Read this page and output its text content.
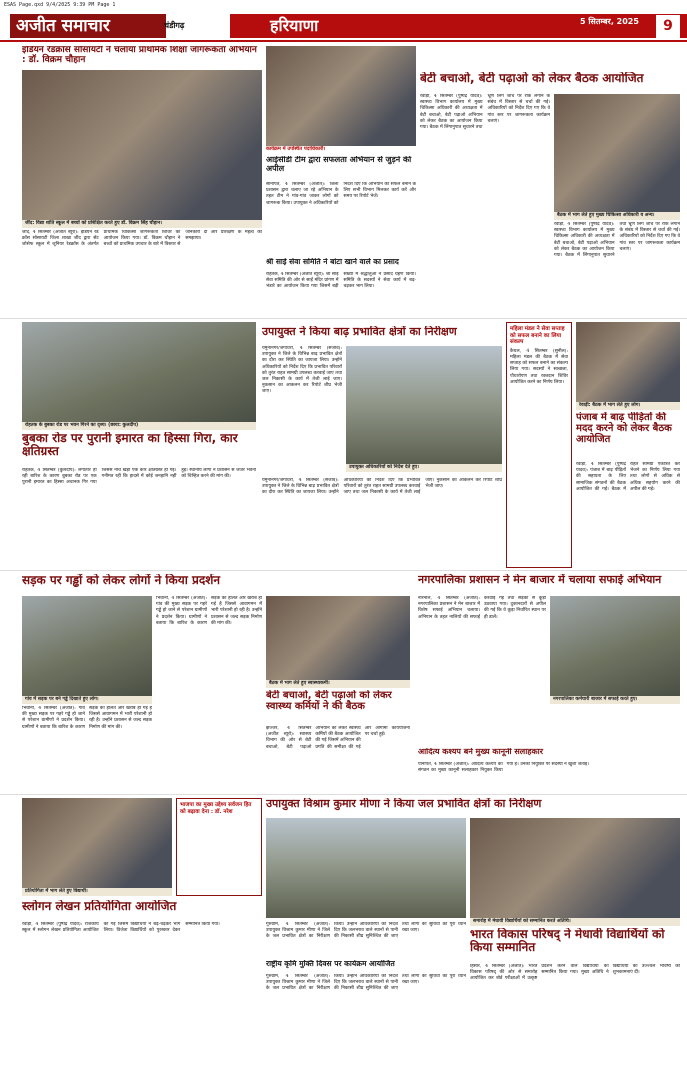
ESAS Page.qxd 9/4/2025 9:39 PM Page 1
अजीत समाचार	चंडीगढ़	हरियाणा	5 सितम्बर, 2025	9
इंडियन रेडक्रॉस सोसायटी ने चलाया प्राथमिक शिक्षा जागरूकता अभियान : डॉ. विक्रम चौहान
जींद: विद्या शांति स्कूल में बच्चों को प्रशिक्षित करते हुए डॉ. विक्रम सिंह चौहान।
जींद, 4 सितम्बर (अजीत ब्यूरो): इंडियन रेड क्रॉस सोसायटी जिला शाखा जींद द्वारा सेंट जोसेफ स्कूल में जूनियर रेडक्रॉस के अंतर्गत प्राथमिक चिकित्सा जागरूकता शिविर का आयोजन किया गया। डॉ. विक्रम चौहान ने बच्चों को प्राथमिक उपचार के बारे में विस्तार से जानकारी दी और प्रशिक्षण के महत्व को समझाया।
कार्यक्रम में उपस्थित पदाधिकारी।
आईसीडी टीम द्वारा सफलता अभियान से जुड़ने की अपील
सोनीपत, 4 सितम्बर (अजीत): जिला प्रशासन द्वारा चलाए जा रहे अभियान के तहत टीम ने गांव-गांव जाकर लोगों को जागरूक किया। उपायुक्त ने अधिकारियों को निर्देश दिए कि अभियान को सफल बनाने के लिए सभी विभाग मिलकर कार्य करें और समय पर रिपोर्ट भेजें।
श्री साई सेवा समिति ने बांटा खाने वाले का प्रसाद
रोहतक, 4 सितम्बर (अजीत ब्यूरो): श्री साई सेवा समिति की ओर से साईं मंदिर प्रांगण में भंडारे का आयोजन किया गया जिसमें बड़ी संख्या में श्रद्धालुओं ने प्रसाद ग्रहण किया। समिति के सदस्यों ने सेवा कार्य में बढ़-चढ़कर भाग लिया।
बेटी बचाओ, बेटी पढ़ाओ को लेकर बैठक आयोजित
रेवाड़ी, 4 सितम्बर (पुष्पेंद्र यादव): स्वास्थ्य विभाग कार्यालय में मुख्य चिकित्सा अधिकारी की अध्यक्षता में बेटी बचाओ, बेटी पढ़ाओ अभियान को लेकर बैठक का आयोजन किया गया। बैठक में लिंगानुपात सुधारने तथा भ्रूण लिंग जांच पर रोक लगाने के संबंध में विस्तार से चर्चा की गई। अधिकारियों को निर्देश दिए गए कि वे गांव स्तर पर जागरूकता कार्यक्रम चलाएं।
बैठक में भाग लेते हुए मुख्य चिकित्सा अधिकारी व अन्य।
रेवाड़ी, 4 सितम्बर (पुष्पेंद्र यादव): स्वास्थ्य विभाग कार्यालय में मुख्य चिकित्सा अधिकारी की अध्यक्षता में बेटी बचाओ, बेटी पढ़ाओ अभियान को लेकर बैठक का आयोजन किया गया। बैठक में लिंगानुपात सुधारने तथा भ्रूण लिंग जांच पर रोक लगाने के संबंध में विस्तार से चर्चा की गई। अधिकारियों को निर्देश दिए गए कि वे गांव स्तर पर जागरूकता कार्यक्रम चलाएं।
रोहतक के बुबका रोड पर भवन गिरने का दृश्य। (छाया: कुलदीप)
बुबका रोड पर पुरानी इमारत का हिस्सा गिरा, कार क्षतिग्रस्त
रोहतक, 4 सितम्बर (कुलदीप): लगातार हो रही बारिश के कारण बुबका रोड पर एक पुरानी इमारत का हिस्सा अचानक गिर गया जिससे नीचे खड़ी एक कार क्षतिग्रस्त हो गई। गनीमत रही कि हादसे में कोई जनहानि नहीं हुई। स्थानीय लोगों ने प्रशासन से जर्जर भवनों को चिन्हित करने की मांग की।
उपायुक्त ने किया बाढ़ प्रभावित क्षेत्रों का निरीक्षण
यमुनानगर/जगाधरी, 4 सितम्बर (संजीव): उपायुक्त ने जिले के विभिन्न बाढ़ प्रभावित क्षेत्रों का दौरा कर स्थिति का जायजा लिया। उन्होंने अधिकारियों को निर्देश दिए कि प्रभावित परिवारों को तुरंत राहत सामग्री उपलब्ध करवाई जाए तथा जल निकासी के कार्य में तेजी लाई जाए। नुकसान का आकलन कर रिपोर्ट शीघ्र भेजी जाए।
उपायुक्त अधिकारियों को निर्देश देते हुए।
यमुनानगर/जगाधरी, 4 सितम्बर (संजीव): उपायुक्त ने जिले के विभिन्न बाढ़ प्रभावित क्षेत्रों का दौरा कर स्थिति का जायजा लिया। उन्होंने अधिकारियों को निर्देश दिए कि प्रभावित परिवारों को तुरंत राहत सामग्री उपलब्ध करवाई जाए तथा जल निकासी के कार्य में तेजी लाई जाए। नुकसान का आकलन कर रिपोर्ट शीघ्र भेजी जाए।
महिला मंडल ने सेवा सप्ताह को सफल बनाने का लिया संकल्प
कैथल, 4 सितम्बर (सुनील): महिला मंडल की बैठक में सेवा सप्ताह को सफल बनाने का संकल्प लिया गया। सदस्यों ने स्वच्छता, पौधारोपण तथा रक्तदान शिविर आयोजित करने का निर्णय लिया।
रेवाड़ी: बैठक में भाग लेते हुए लोग।
पंजाब में बाढ़ पीड़ितों की मदद करने को लेकर बैठक आयोजित
रेवाड़ी, 4 सितम्बर (पुष्पेंद्र यादव): पंजाब में बाढ़ पीड़ितों की सहायता के लिए सामाजिक संगठनों की बैठक आयोजित की गई। बैठक में राहत सामग्री एकत्रित कर भेजने का निर्णय लिया गया तथा लोगों से अधिक से अधिक सहयोग करने की अपील की गई।
सड़क पर गड्ढों को लेकर लोगों ने किया प्रदर्शन
गांव में सड़क पर बने गड्ढे दिखाते हुए लोग।
भिवानी, 4 सितम्बर (अजीत): गांव की मुख्य सड़क पर गहरे गड्ढे हो जाने से परेशान ग्रामीणों ने प्रदर्शन किया। ग्रामीणों ने बताया कि बारिश के कारण सड़क की हालत और खराब हो गई है जिससे आवागमन में भारी परेशानी हो रही है। उन्होंने प्रशासन से जल्द सड़क निर्माण की मांग की।
भिवानी, 4 सितम्बर (अजीत): गांव की मुख्य सड़क पर गहरे गड्ढे हो जाने से परेशान ग्रामीणों ने प्रदर्शन किया। ग्रामीणों ने बताया कि बारिश के कारण सड़क की हालत और खराब हो गई है जिससे आवागमन में भारी परेशानी हो रही है। उन्होंने प्रशासन से जल्द सड़क निर्माण की मांग की।
बैठक में भाग लेते हुए स्वास्थ्यकर्मी।
बेटी बचाओ, बेटी पढ़ाओ को लेकर स्वास्थ्य कर्मियों ने की बैठक
झज्जर, 4 सितम्बर (अजीत ब्यूरो): स्वास्थ्य विभाग की ओर से बेटी बचाओ, बेटी पढ़ाओ अभियान को लेकर स्वास्थ्य कर्मियों की बैठक आयोजित की गई जिसमें अभियान की प्रगति की समीक्षा की गई और आगामी कार्ययोजना पर चर्चा हुई।
नगरपालिका प्रशासन ने मेन बाजार में चलाया सफाई अभियान
नारनौल, 4 सितम्बर (अजीत): नगरपालिका प्रशासन ने मेन बाजार में विशेष सफाई अभियान चलाया। अभियान के तहत नालियों की सफाई करवाई गई तथा सड़कों से कूड़ा उठवाया गया। दुकानदारों से अपील की गई कि वे कूड़ा निर्धारित स्थान पर ही डालें।
नगरपालिका कर्मचारी बाजार में सफाई करते हुए।
आदित्य कश्यप बने मुख्य कानूनी सलाहकार
पानीपत, 4 सितम्बर (अजीत): आदित्य कश्यप को संगठन का मुख्य कानूनी सलाहकार नियुक्त किया गया है। उनकी नियुक्ति पर सदस्यों ने खुशी जताई।
प्रतियोगिता में भाग लेते हुए विद्यार्थी।
स्लोगन लेखन प्रतियोगिता आयोजित
रेवाड़ी, 4 सितम्बर (पुष्पेंद्र यादव): राजकीय स्कूल में स्लोगन लेखन प्रतियोगिता आयोजित की गई जिसमें विद्यार्थियों ने बढ़-चढ़कर भाग लिया। विजेता विद्यार्थियों को पुरस्कार देकर सम्मानित किया गया।
भाजपा का मुख्य उद्देश्य सर्वजन हित को बढ़ावा देना : डॉ. नरेश
उपायुक्त विश्राम कुमार मीणा ने किया जल प्रभावित क्षेत्रों का निरीक्षण
राष्ट्रीय कृमि मुक्ति दिवस पर कार्यक्रम आयोजित
गुरुग्राम, 4 सितम्बर (अजीत): उपायुक्त विश्राम कुमार मीणा ने जिले के जल प्रभावित क्षेत्रों का निरीक्षण किया। उन्होंने अधिकारियों को निर्देश दिए कि जलभराव वाले स्थानों से पानी की निकासी शीघ्र सुनिश्चित की जाए तथा लोगों की सुविधा का पूरा ध्यान रखा जाए।
गुरुग्राम, 4 सितम्बर (अजीत): उपायुक्त विश्राम कुमार मीणा ने जिले के जल प्रभावित क्षेत्रों का निरीक्षण किया। उन्होंने अधिकारियों को निर्देश दिए कि जलभराव वाले स्थानों से पानी की निकासी शीघ्र सुनिश्चित की जाए तथा लोगों की सुविधा का पूरा ध्यान रखा जाए।
समारोह में मेधावी विद्यार्थियों को सम्मानित करते अतिथि।
भारत विकास परिषद् ने मेधावी विद्यार्थियों को किया सम्मानित
हिसार, 4 सितम्बर (अजीत): भारत विकास परिषद् की ओर से समारोह आयोजित कर बोर्ड परीक्षाओं में उत्कृष्ट प्रदर्शन करने वाले विद्यार्थियों को सम्मानित किया गया। मुख्य अतिथि ने विद्यार्थियों को उज्ज्वल भविष्य की शुभकामनाएं दीं।
